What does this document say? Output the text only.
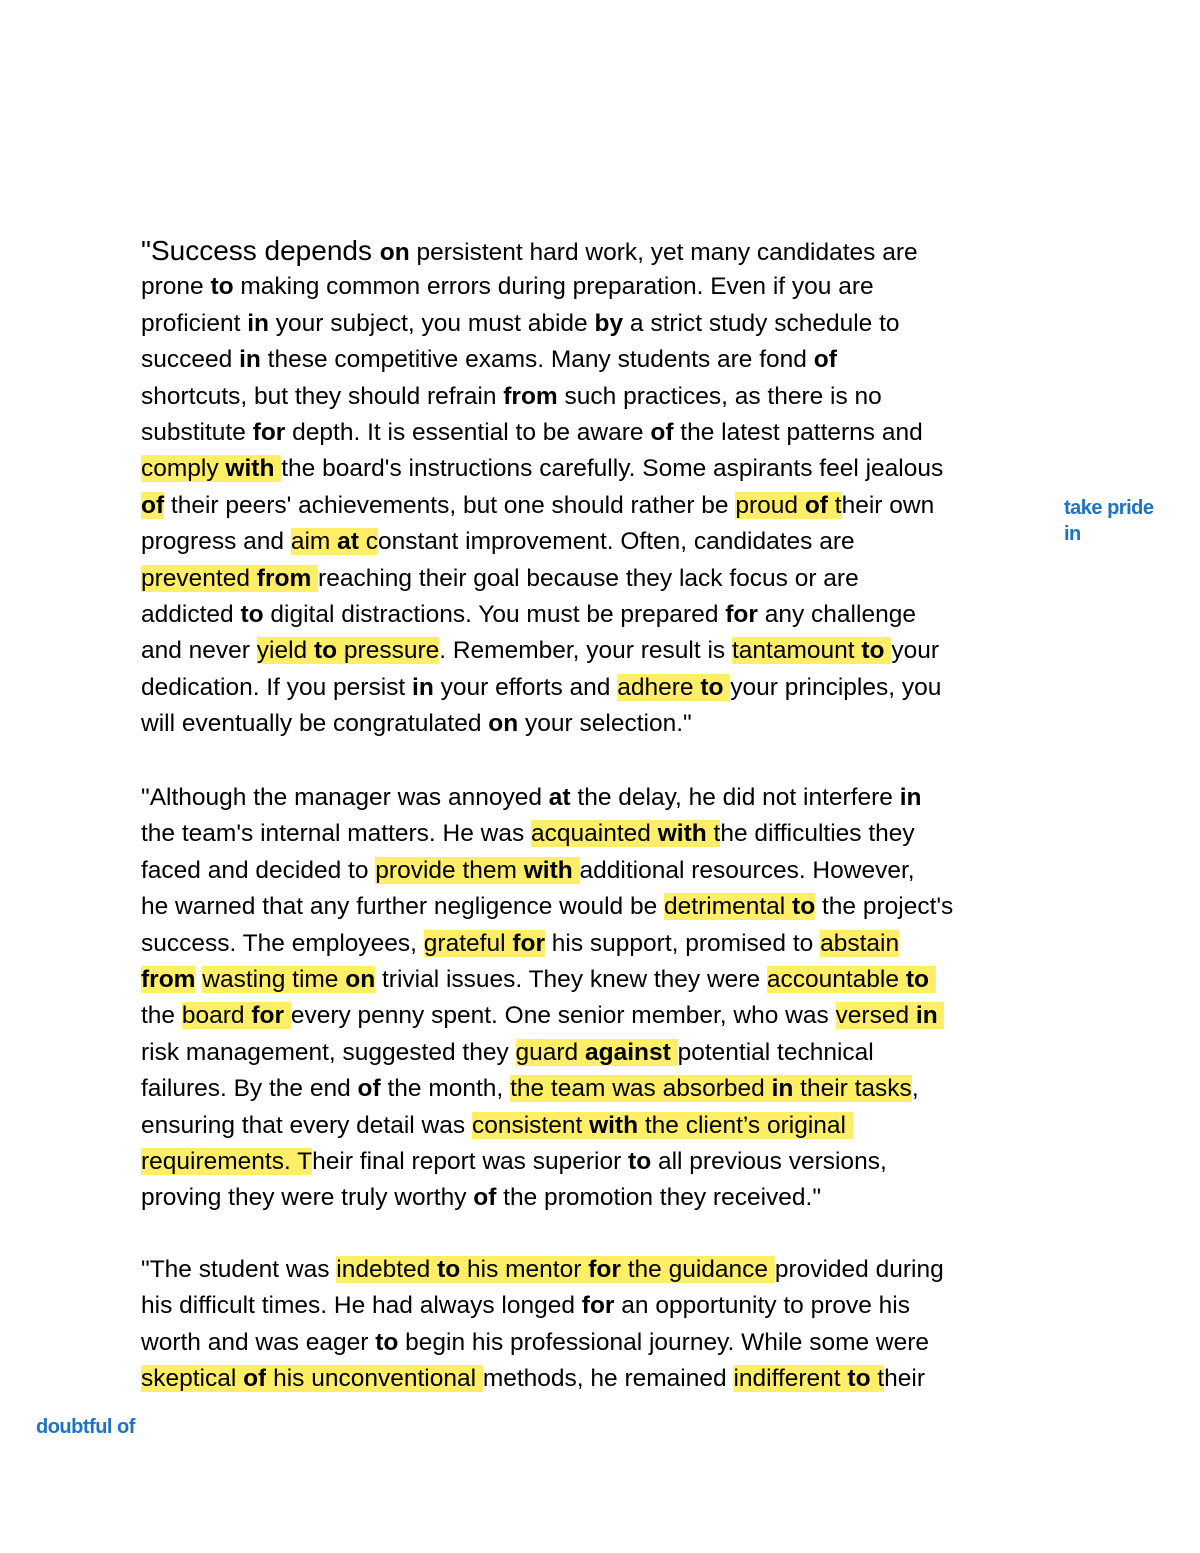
"Success depends on persistent hard work, yet many candidates are
prone to making common errors during preparation. Even if you are
proficient in your subject, you must abide by a strict study schedule to
succeed in these competitive exams. Many students are fond of
shortcuts, but they should refrain from such practices, as there is no
substitute for depth. It is essential to be aware of the latest patterns and
comply with the board's instructions carefully. Some aspirants feel jealous
of their peers' achievements, but one should rather be proud of their own
progress and aim at constant improvement. Often, candidates are
prevented from reaching their goal because they lack focus or are
addicted to digital distractions. You must be prepared for any challenge
and never yield to pressure. Remember, your result is tantamount to your
dedication. If you persist in your efforts and adhere to your principles, you
will eventually be congratulated on your selection."
"Although the manager was annoyed at the delay, he did not interfere in
the team's internal matters. He was acquainted with the difficulties they
faced and decided to provide them with additional resources. However,
he warned that any further negligence would be detrimental to the project's
success. The employees, grateful for his support, promised to abstain
from wasting time on trivial issues. They knew they were accountable to
the board for every penny spent. One senior member, who was versed in
risk management, suggested they guard against potential technical
failures. By the end of the month, the team was absorbed in their tasks,
ensuring that every detail was consistent with the client’s original
requirements. Their final report was superior to all previous versions,
proving they were truly worthy of the promotion they received."
"The student was indebted to his mentor for the guidance provided during
his difficult times. He had always longed for an opportunity to prove his
worth and was eager to begin his professional journey. While some were
skeptical of his unconventional methods, he remained indifferent to their
take pride
in
doubtful of
